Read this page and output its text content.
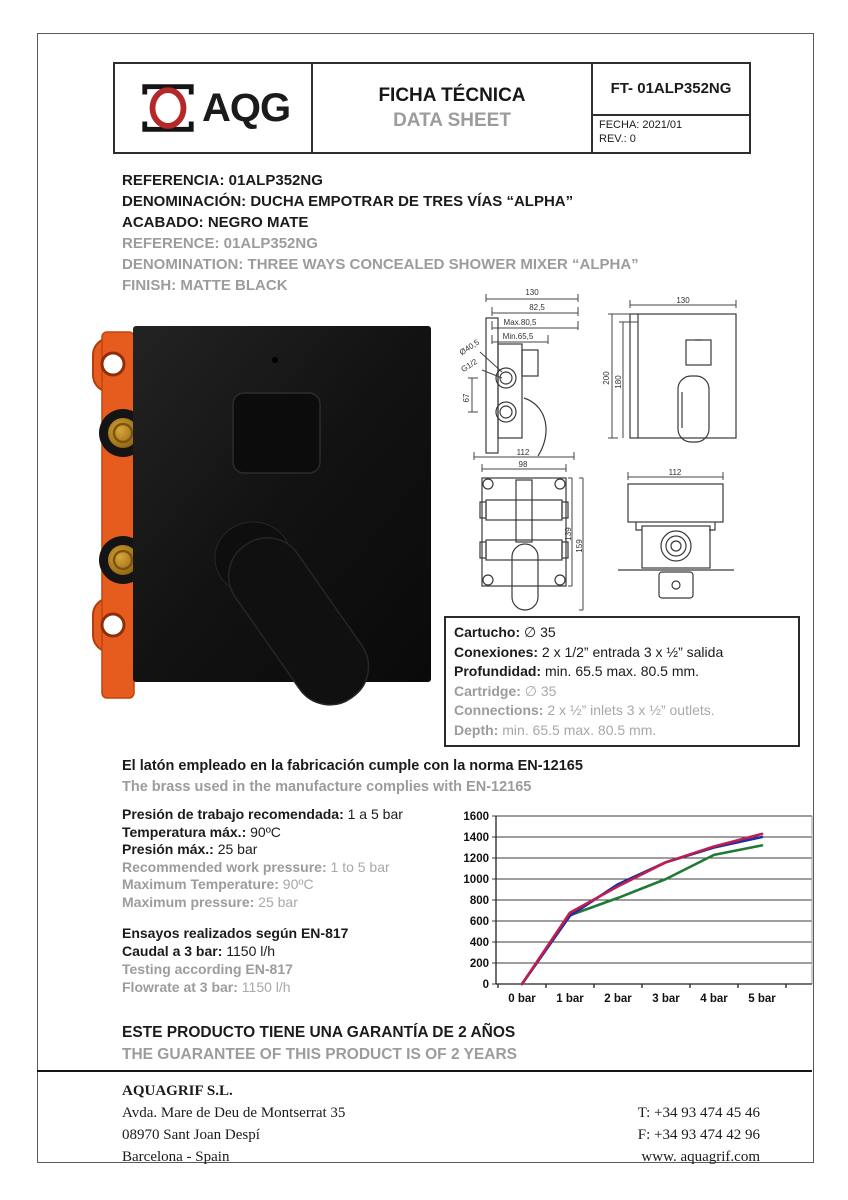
AQG	FICHA TÉCNICA
DATA SHEET
FT- 01ALP352NG
FECHA: 2021/01
REV.: 0
REFERENCIA: 01ALP352NG
DENOMINACIÓN: DUCHA EMPOTRAR DE TRES VÍAS “ALPHA”
ACABADO: NEGRO MATE
REFERENCE: 01ALP352NG
DENOMINATION: THREE WAYS CONCEALED SHOWER MIXER “ALPHA”
FINISH: MATTE BLACK	130
82,5
Max.80,5
Min.65,5
Ø40,5
G1/2
67
130
200 180
112
98
139
159
112
Cartucho: ∅ 35
Conexiones: 2 x 1/2” entrada 3 x ½” salida
Profundidad: min. 65.5 max. 80.5 mm.
Cartridge: ∅ 35
Connections: 2 x ½” inlets 3 x ½” outlets.
Depth: min. 65.5 max. 80.5 mm.
El latón empleado en la fabricación cumple con la norma EN-12165
The brass used in the manufacture complies with EN-12165
Presión de trabajo recomendada: 1 a 5 bar
Temperatura máx.: 90ºC
Presión máx.: 25 bar
Recommended work pressure: 1 to 5 bar
Maximum Temperature: 90ºC
Maximum pressure: 25 bar
Ensayos realizados según EN-817
Caudal a 3 bar: 1150 l/h
Testing according EN-817
Flowrate at 3 bar: 1150 l/h	0
200
400
600
800
1000
1200
1400
1600
0 bar 1 bar 2 bar 3 bar 4 bar 5 bar
ESTE PRODUCTO TIENE UNA GARANTÍA DE 2 AÑOS
THE GUARANTEE OF THIS PRODUCT IS OF 2 YEARS
AQUAGRIF S.L.
Avda. Mare de Deu de Montserrat 35
08970 Sant Joan Despí
Barcelona - Spain
T: +34 93 474 45 46
F: +34 93 474 42 96
www. aquagrif.com
